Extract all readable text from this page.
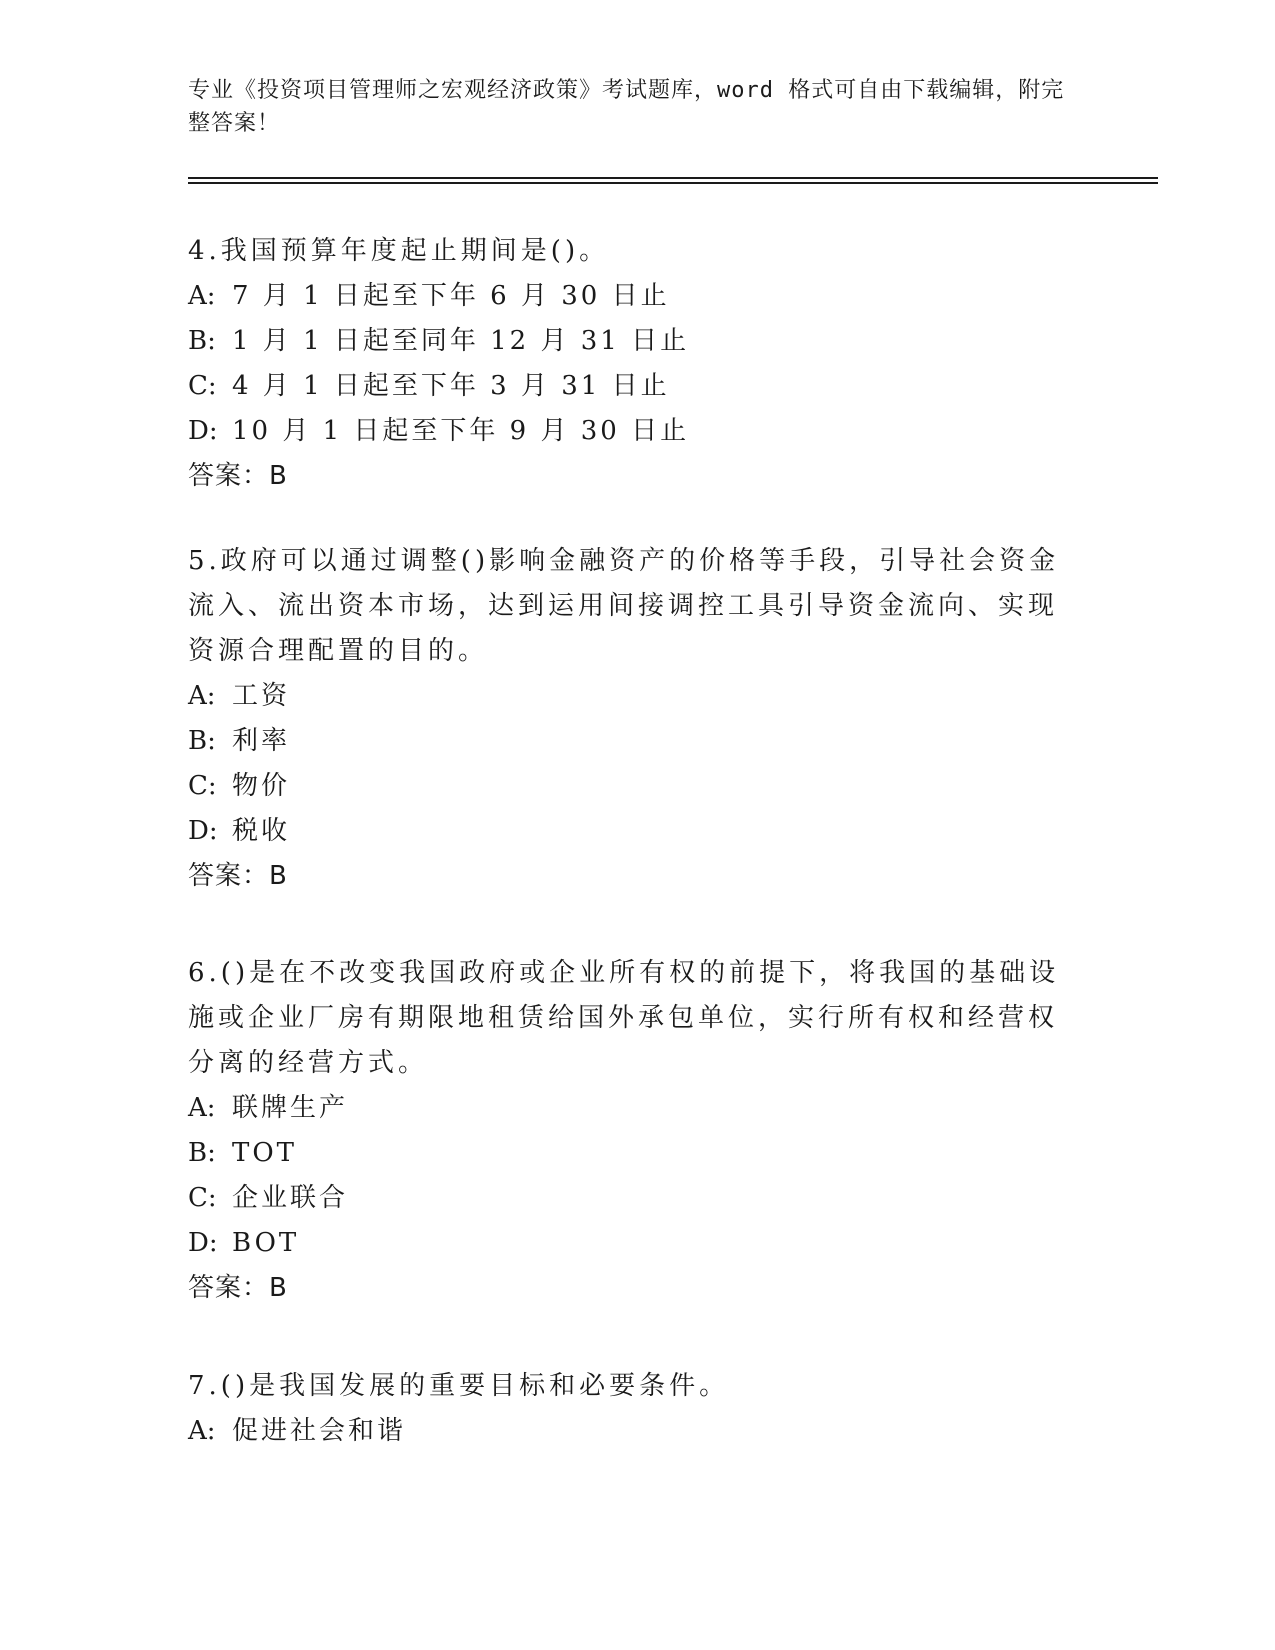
专业《投资项目管理师之宏观经济政策》考试题库，word 格式可自由下载编辑，附完整答案！

4.我国预算年度起止期间是()。

A: 7 月 1 日起至下年 6 月 30 日止

B: 1 月 1 日起至同年 12 月 31 日止

C: 4 月 1 日起至下年 3 月 31 日止

D: 10 月 1 日起至下年 9 月 30 日止

答案：B

5.政府可以通过调整()影响金融资产的价格等手段，引导社会资金流入、流出资本市场，达到运用间接调控工具引导资金流向、实现资源合理配置的目的。

A: 工资

B: 利率

C: 物价

D: 税收

答案：B

6.()是在不改变我国政府或企业所有权的前提下，将我国的基础设施或企业厂房有期限地租赁给国外承包单位，实行所有权和经营权分离的经营方式。

A: 联牌生产

B: TOT

C: 企业联合

D: BOT

答案：B

7.()是我国发展的重要目标和必要条件。

A: 促进社会和谐
